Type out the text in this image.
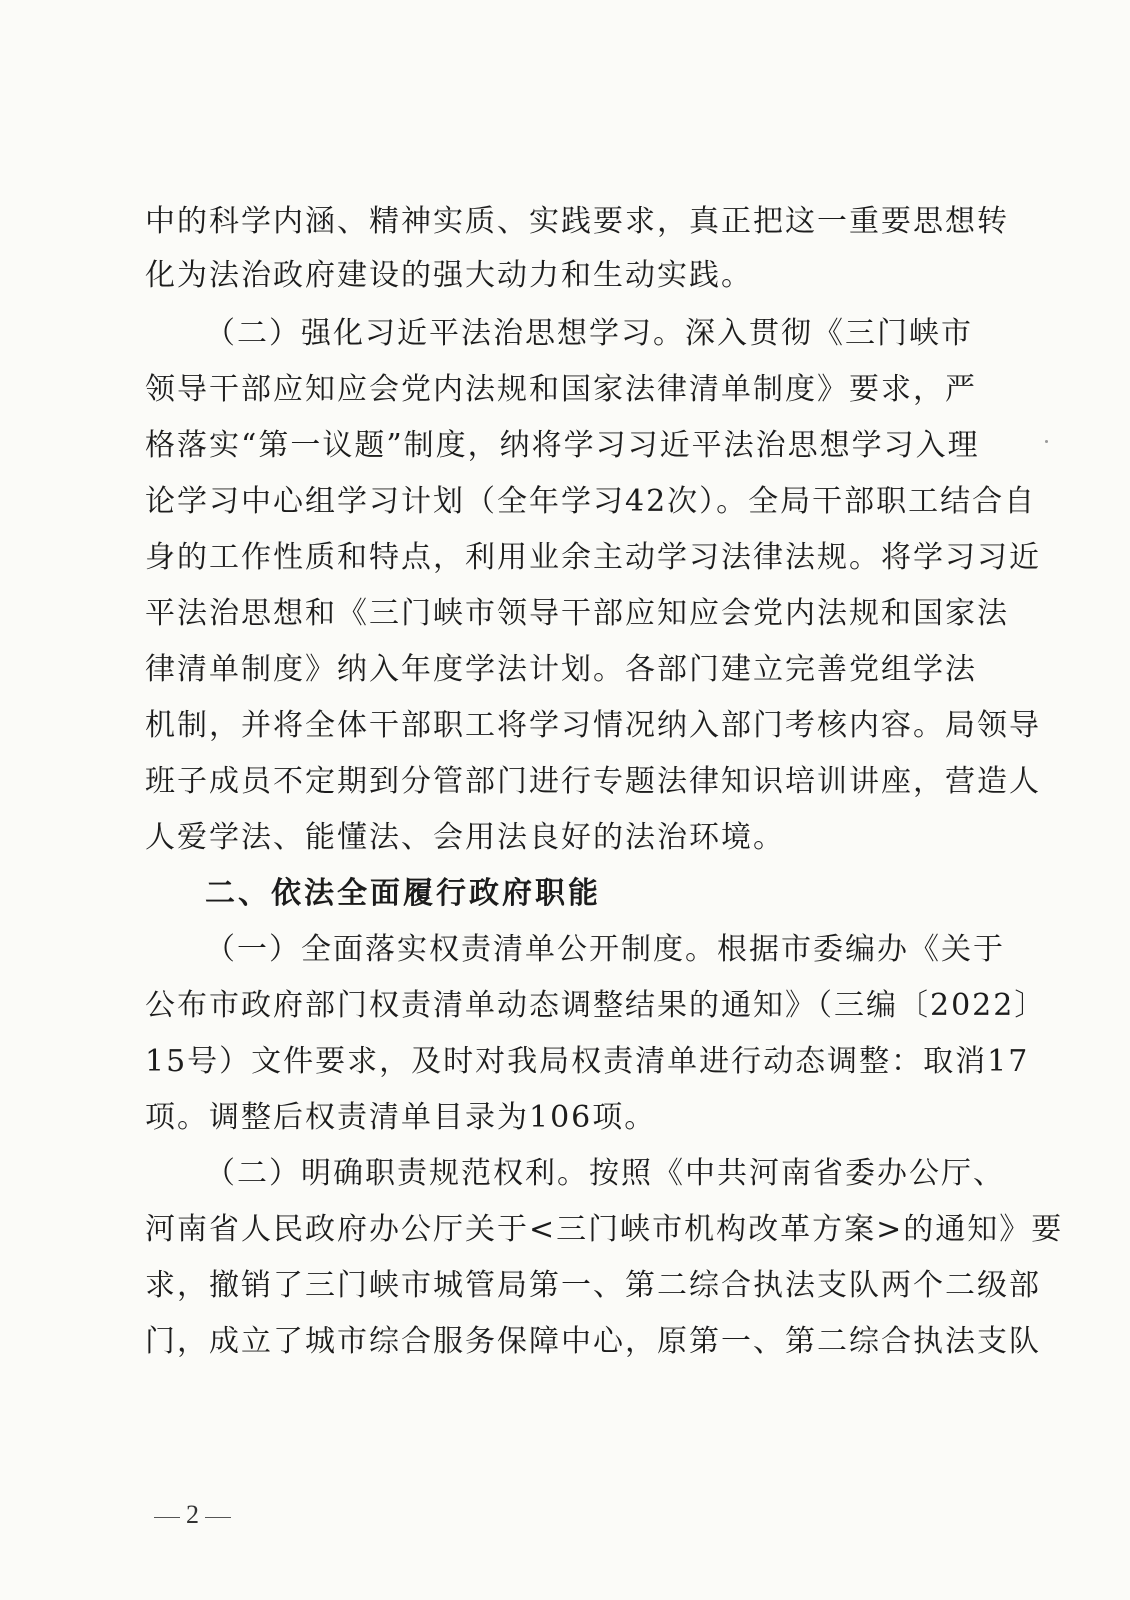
中的科学内涵、精神实质、实践要求，真正把这一重要思想转
化为法治政府建设的强大动力和生动实践。
（二）强化习近平法治思想学习。深入贯彻《三门峡市
领导干部应知应会党内法规和国家法律清单制度》要求，严
格落实“第一议题”制度，纳将学习习近平法治思想学习入理
论学习中心组学习计划（全年学习42次）。全局干部职工结合自
身的工作性质和特点，利用业余主动学习法律法规。将学习习近
平法治思想和《三门峡市领导干部应知应会党内法规和国家法
律清单制度》纳入年度学法计划。各部门建立完善党组学法
机制，并将全体干部职工将学习情况纳入部门考核内容。局领导
班子成员不定期到分管部门进行专题法律知识培训讲座，营造人
人爱学法、能懂法、会用法良好的法治环境。
二、依法全面履行政府职能
（一）全面落实权责清单公开制度。根据市委编办《关于
公布市政府部门权责清单动态调整结果的通知》（三编〔2022〕
15号）文件要求，及时对我局权责清单进行动态调整：取消17
项。调整后权责清单目录为106项。
（二）明确职责规范权利。按照《中共河南省委办公厅、
河南省人民政府办公厅关于<三门峡市机构改革方案>的通知》要
求，撤销了三门峡市城管局第一、第二综合执法支队两个二级部
门，成立了城市综合服务保障中心，原第一、第二综合执法支队
2
